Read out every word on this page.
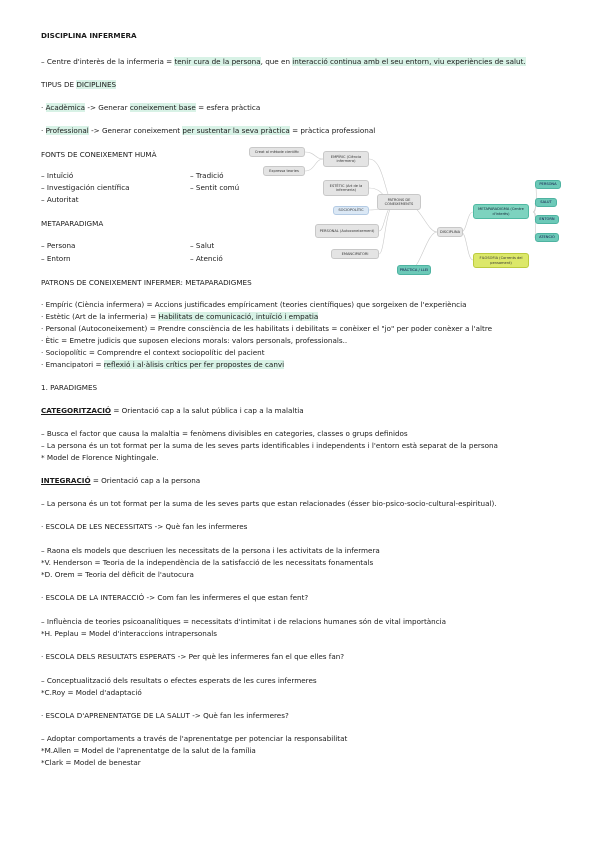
DISCIPLINA INFERMERA
– Centre d'interès de la infermeria = tenir cura de la persona, que en interacció continua amb el seu entorn, viu experiències de salut.
TIPUS DE DICIPLINES
· Acadèmica -> Generar coneixement base = esfera pràctica
· Professional -> Generar coneixement per sustentar la seva pràctica = pràctica professional
FONTS DE CONEIXEMENT HUMÀ
– Intuïció
– Investigación científica
– Autoritat
– Tradició
– Sentit comú
METAPARADIGMA
– Persona
– Entorn
– Salut
– Atenció
Creat al mètode científic
Expressa teories
EMPÍRIC (Ciència infermera)
ESTÈTIC (Art de la infermeria)
SOCIOPOLÍTIC
PERSONAL (Autoconeixement)
EMANCIPATORI
PATRONS DE CONEIXEMENTS
DISCIPLINA
METAPARADIGMA (Centre d'interès)
PERSONA
SALUT
ENTORN
ATENCIÓ
FILOSOFIA (Corrents del pensament)
PRÀCTICA / LLEI
PATRONS DE CONEIXEMENT INFERMER: METAPARADIGMES
· Empíric (Ciència infermera) = Accions justificades empíricament (teories científiques) que sorgeixen de l'experiència
· Estètic (Art de la infermeria) = Habilitats de comunicació, intuïció i empatia
· Personal (Autoconeixement) = Prendre consciència de les habilitats i debilitats = conèixer el "jo" per poder conèxer a l'altre
· Ètic = Emetre judicis que suposen elecions morals: valors personals, professionals..
· Sociopolític = Comprendre el context sociopolític del pacient
· Emancipatori = reflexió i al·àlisis crítics per fer propostes de canvi
1. PARADIGMES
CATEGORITZACIÓ = Orientació cap a la salut pública i cap a la malaltia
– Busca el factor que causa la malaltia = fenòmens divisibles en categories, classes o grups definidos
– La persona és un tot format per la suma de les seves parts identificables i independents i l'entorn està separat de la persona
* Model de Florence Nightingale.
INTEGRACIÓ = Orientació cap a la persona
– La persona és un tot format per la suma de les seves parts que estan relacionades (ésser bio-psico-socio-cultural-espiritual).
· ESCOLA DE LES NECESSITATS -> Què fan les infermeres
– Raona els models que descriuen les necessitats de la persona i les activitats de la infermera
*V. Henderson = Teoria de la independència de la satisfacció de les necessitats fonamentals
*D. Orem = Teoria del dèficit de l'autocura
· ESCOLA DE LA INTERACCIÓ -> Com fan les infermeres el que estan fent?
– Influència de teories psicoanalítiques = necessitats d'intimitat i de relacions humanes són de vital importància
*H. Peplau = Model d'interaccions intrapersonals
· ESCOLA DELS RESULTATS ESPERATS -> Per què les infermeres fan el que elles fan?
– Conceptualització dels resultats o efectes esperats de les cures infermeres
*C.Roy = Model d'adaptació
· ESCOLA D'APRENENTATGE DE LA SALUT -> Què fan les infermeres?
– Adoptar comportaments a través de l'aprenentatge per potenciar la responsabilitat
*M.Allen = Model de l'aprenentatge de la salut de la família
*Clark = Model de benestar
